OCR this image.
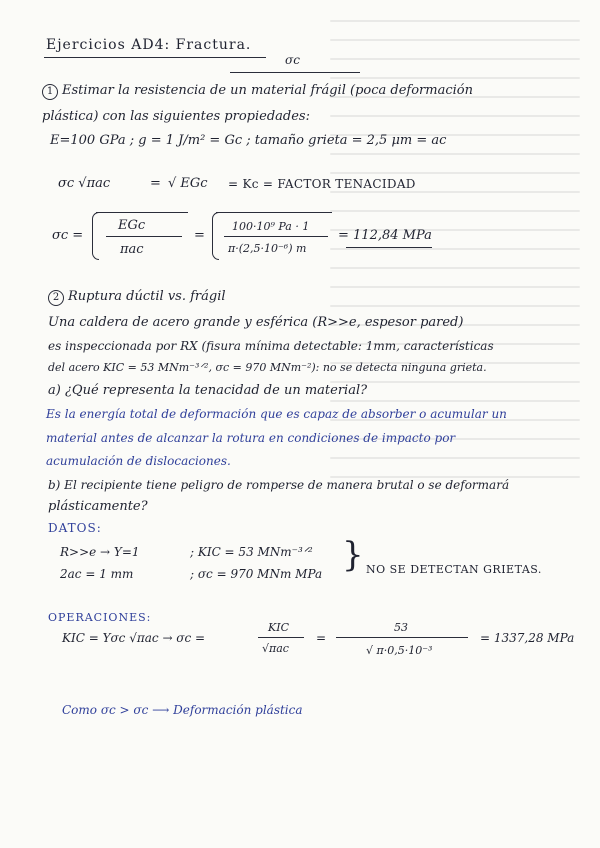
Ejercicios AD4: Fractura.
σc
1 Estimar la resistencia de un material frágil (poca deformación
plástica) con las siguientes propiedades:
E=100 GPa ; g = 1 J/m² = Gc ; tamaño grieta = 2,5 μm = ac
σc √πac	= √ EGc = Kc = FACTOR TENACIDAD
σc =
EGc
πac
=
100·10⁹ Pa · 1
π·(2,5·10⁻⁶) m
= 112,84 MPa
2 Ruptura dúctil vs. frágil
Una caldera de acero grande y esférica (R>>e, espesor pared)
es inspeccionada por RX (fisura mínima detectable: 1mm, características
del acero KIC = 53 MNm⁻³ᐟ², σc = 970 MNm⁻²): no se detecta ninguna grieta.
a) ¿Qué representa la tenacidad de un material?
Es la energía total de deformación que es capaz de absorber o acumular un
material antes de alcanzar la rotura en condiciones de impacto por
acumulación de dislocaciones.
b) El recipiente tiene peligro de romperse de manera brutal o se deformará
plásticamente?
DATOS:
R>>e → Y=1
2ac = 1 mm
; KIC = 53 MNm⁻³ᐟ²
; σc = 970 MNm MPa } NO SE DETECTAN GRIETAS.
OPERACIONES:
KIC = Yσc √πac → σc =
KIC
√πac
=
53
√ π·0,5·10⁻³
= 1337,28 MPa
Como σc > σc ⟶ Deformación plástica
